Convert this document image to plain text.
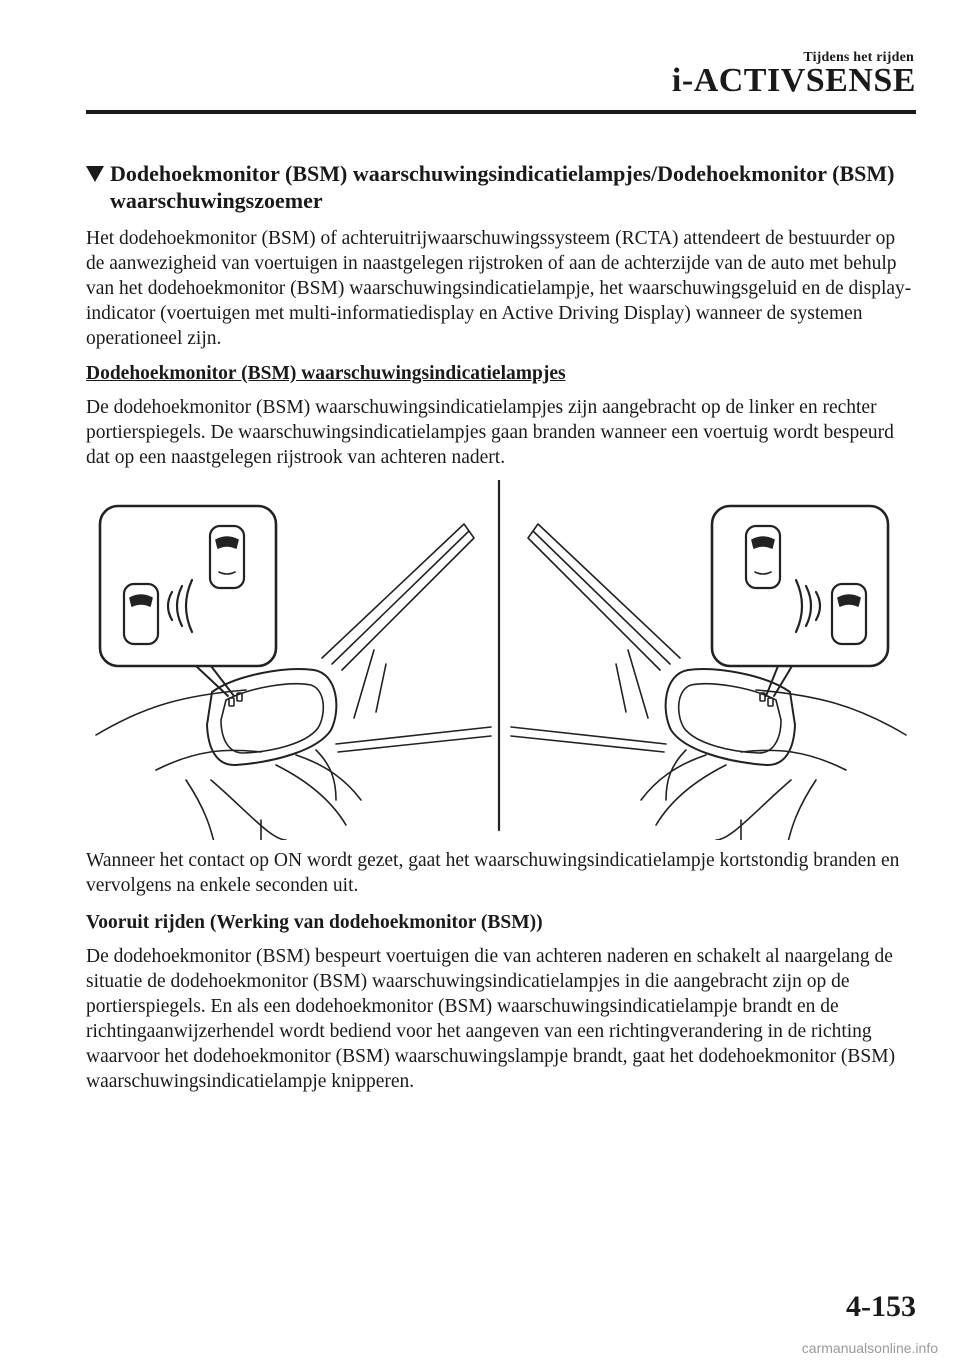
Tijdens het rijden
i-ACTIVSENSE
Dodehoekmonitor (BSM) waarschuwingsindicatielampjes/Dodehoekmonitor (BSM) waarschuwingszoemer

Het dodehoekmonitor (BSM) of achteruitrijwaarschuwingssysteem (RCTA) attendeert de bestuurder op de aanwezigheid van voertuigen in naastgelegen rijstroken of aan de achterzijde van de auto met behulp van het dodehoekmonitor (BSM) waarschuwingsindicatielampje, het waarschuwingsgeluid en de display-indicator (voertuigen met multi-informatiedisplay en Active Driving Display) wanneer de systemen operationeel zijn.

Dodehoekmonitor (BSM) waarschuwingsindicatielampjes

De dodehoekmonitor (BSM) waarschuwingsindicatielampjes zijn aangebracht op de linker en rechter portierspiegels. De waarschuwingsindicatielampjes gaan branden wanneer een voertuig wordt bespeurd dat op een naastgelegen rijstrook van achteren nadert.

Wanneer het contact op ON wordt gezet, gaat het waarschuwingsindicatielampje kortstondig branden en vervolgens na enkele seconden uit.

Vooruit rijden (Werking van dodehoekmonitor (BSM))

De dodehoekmonitor (BSM) bespeurt voertuigen die van achteren naderen en schakelt al naargelang de situatie de dodehoekmonitor (BSM) waarschuwingsindicatielampjes in die aangebracht zijn op de portierspiegels. En als een dodehoekmonitor (BSM) waarschuwingsindicatielampje brandt en de richtingaanwijzerhendel wordt bediend voor het aangeven van een richtingverandering in de richting waarvoor het dodehoekmonitor (BSM) waarschuwingslampje brandt, gaat het dodehoekmonitor (BSM) waarschuwingsindicatielampje knipperen.

4-153
carmanualsonline.info
